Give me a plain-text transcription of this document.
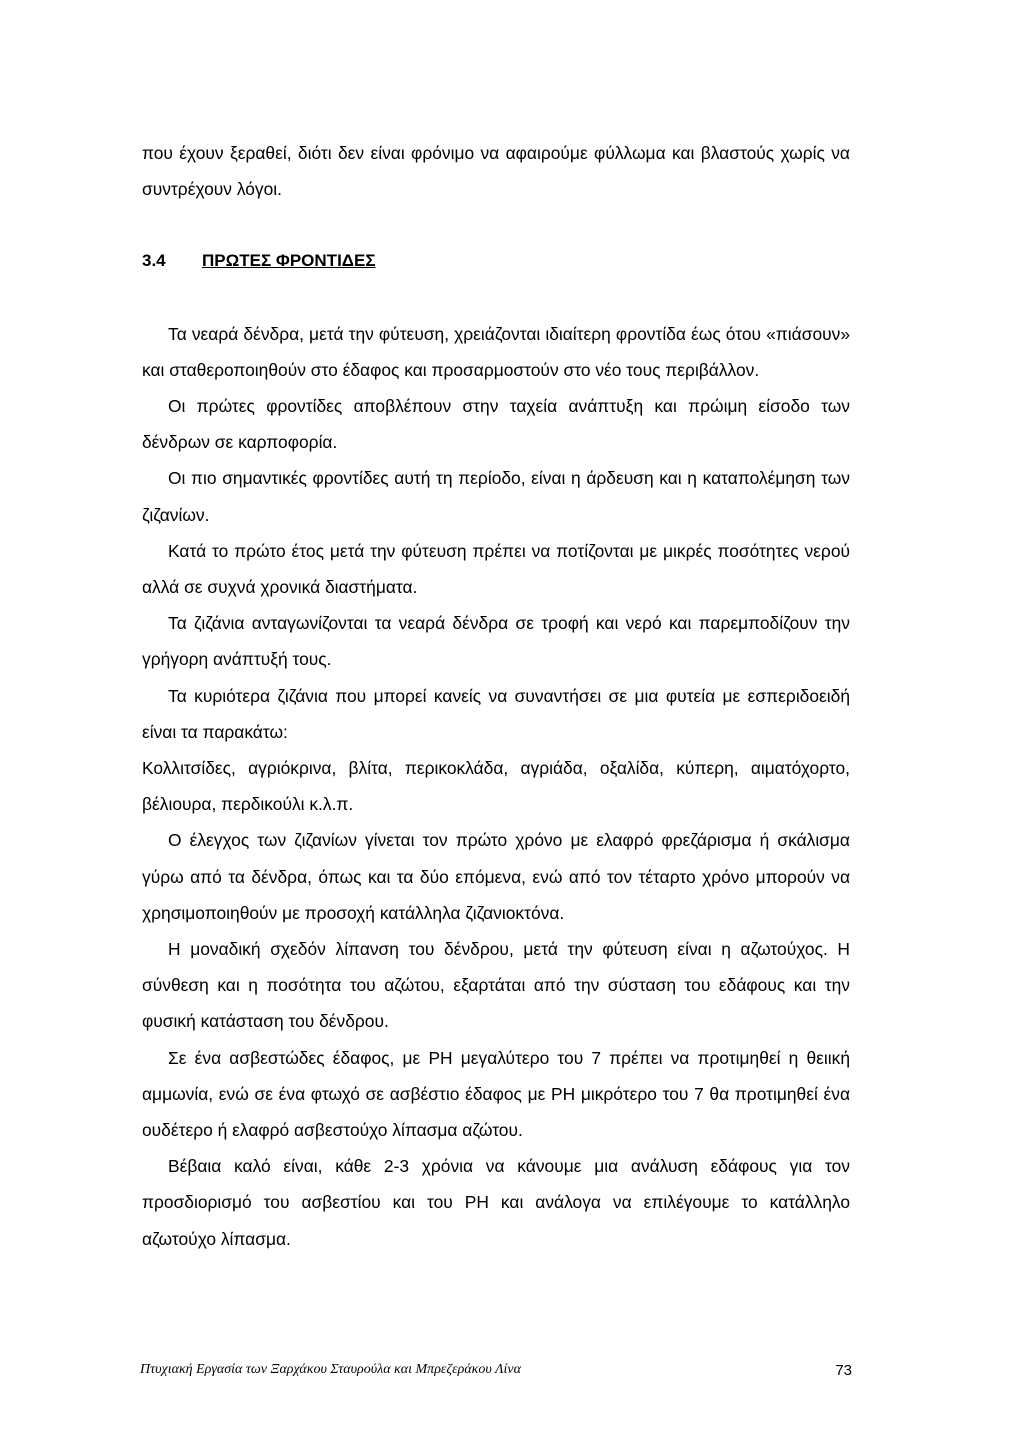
που έχουν ξεραθεί, διότι δεν είναι φρόνιμο να αφαιρούμε φύλλωμα και βλαστούς χωρίς να συντρέχουν λόγοι.

3.4 ΠΡΩΤΕΣ ΦΡΟΝΤΙΔΕΣ

Τα νεαρά δένδρα, μετά την φύτευση, χρειάζονται ιδιαίτερη φροντίδα έως ότου «πιάσουν» και σταθεροποιηθούν στο έδαφος και προσαρμοστούν στο νέο τους περιβάλλον.

Οι πρώτες φροντίδες αποβλέπουν στην ταχεία ανάπτυξη και πρώιμη είσοδο των δένδρων σε καρποφορία.

Οι πιο σημαντικές φροντίδες αυτή τη περίοδο, είναι η άρδευση και η καταπολέμηση των ζιζανίων.

Κατά το πρώτο έτος μετά την φύτευση πρέπει να ποτίζονται με μικρές ποσότητες νερού αλλά σε συχνά χρονικά διαστήματα.

Τα ζιζάνια ανταγωνίζονται τα νεαρά δένδρα σε τροφή και νερό και παρεμποδίζουν την γρήγορη ανάπτυξή τους.

Τα κυριότερα ζιζάνια που μπορεί κανείς να συναντήσει σε μια φυτεία με εσπεριδοειδή είναι τα παρακάτω:

Κολλιτσίδες, αγριόκρινα, βλίτα, περικοκλάδα, αγριάδα, οξαλίδα, κύπερη, αιματόχορτο, βέλιουρα, περδικούλι κ.λ.π.

Ο έλεγχος των ζιζανίων γίνεται τον πρώτο χρόνο με ελαφρό φρεζάρισμα ή σκάλισμα γύρω από τα δένδρα, όπως και τα δύο επόμενα, ενώ από τον τέταρτο χρόνο μπορούν να χρησιμοποιηθούν με προσοχή κατάλληλα ζιζανιοκτόνα.

Η μοναδική σχεδόν λίπανση του δένδρου, μετά την φύτευση είναι η αζωτούχος. Η σύνθεση και η ποσότητα του αζώτου, εξαρτάται από την σύσταση του εδάφους και την φυσική κατάσταση του δένδρου.

Σε ένα ασβεστώδες έδαφος, με PH μεγαλύτερο του 7 πρέπει να προτιμηθεί η θειική αμμωνία, ενώ σε ένα φτωχό σε ασβέστιο έδαφος με PH μικρότερο του 7 θα προτιμηθεί ένα ουδέτερο ή ελαφρό ασβεστούχο λίπασμα αζώτου.

Βέβαια καλό είναι, κάθε 2-3 χρόνια να κάνουμε μια ανάλυση εδάφους για τον προσδιορισμό του ασβεστίου και του PH και ανάλογα να επιλέγουμε το κατάλληλο αζωτούχο λίπασμα.

Πτυχιακή Εργασία των Ξαρχάκου Σταυρούλα και Μπρεζεράκου Λίνα	73
